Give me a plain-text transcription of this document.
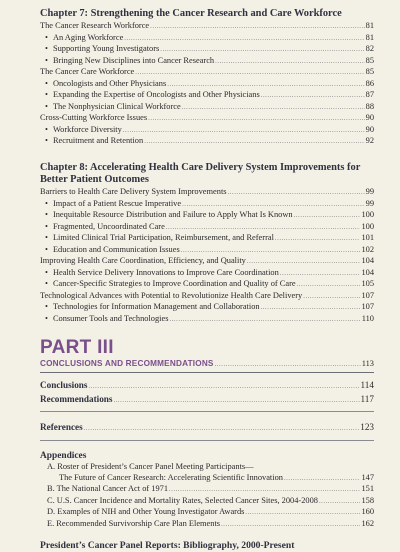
Chapter 7: Strengthening the Cancer Research and Care Workforce

The Cancer Research Workforce .....	81
• An Aging Workforce .....	81
• Supporting Young Investigators .....	82
• Bringing New Disciplines into Cancer Research .....	85
The Cancer Care Workforce .....	85
• Oncologists and Other Physicians .....	86
• Expanding the Expertise of Oncologists and Other Physicians .....	87
• The Nonphysician Clinical Workforce .....	88
Cross-Cutting Workforce Issues .....	90
• Workforce Diversity .....	90
• Recruitment and Retention .....	92

Chapter 8: Accelerating Health Care Delivery System Improvements for

Better Patient Outcomes

Barriers to Health Care Delivery System Improvements .....	99
• Impact of a Patient Rescue Imperative .....	99
• Inequitable Resource Distribution and Failure to Apply What Is Known .....	100
• Fragmented, Uncoordinated Care .....	100
• Limited Clinical Trial Participation, Reimbursement, and Referral .....	101
• Education and Communication Issues .....	102
Improving Health Care Coordination, Efficiency, and Quality .....	104
• Health Service Delivery Innovations to Improve Care Coordination .....	104
• Cancer-Specific Strategies to Improve Coordination and Quality of Care .....	105
Technological Advances with Potential to Revolutionize Health Care Delivery .....	107
• Technologies for Information Management and Collaboration .....	107
• Consumer Tools and Technologies .....	110

PART III

CONCLUSIONS AND RECOMMENDATIONS .....	113
Conclusions .....	114
Recommendations .....	117
References .....	123

Appendices

A. Roster of President’s Cancer Panel Meeting Participants—
The Future of Cancer Research: Accelerating Scientific Innovation .....	147
B. The National Cancer Act of 1971 .....	151
C. U.S. Cancer Incidence and Mortality Rates, Selected Cancer Sites, 2004-2008 .....	158
D. Examples of NIH and Other Young Investigator Awards .....	160
E. Recommended Survivorship Care Plan Elements .....	162

President’s Cancer Panel Reports: Bibliography, 2000-Present
